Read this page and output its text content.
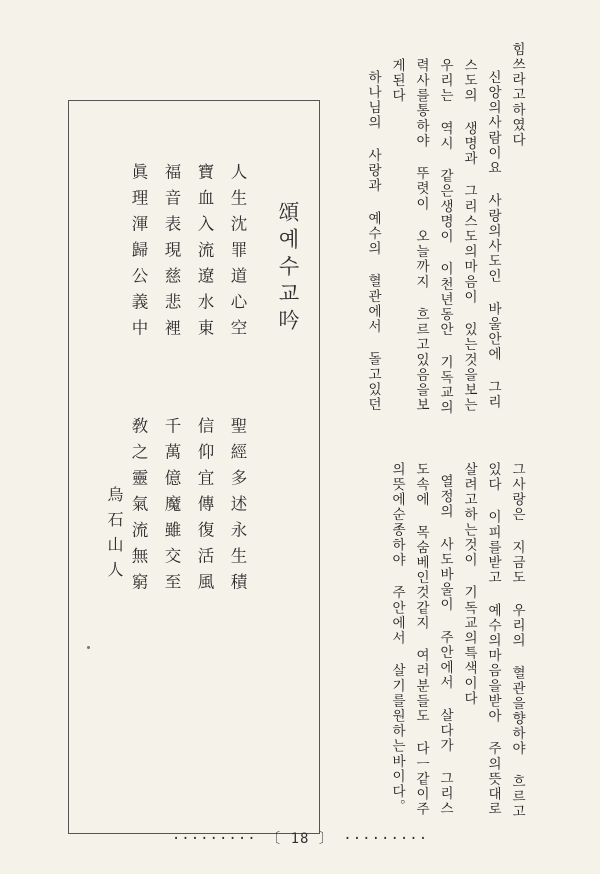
頌예수교吟
人生沈罪道心空
寶血入流遼水東
福音表現慈悲裡
眞理渾歸公義中
聖經多述永生積
信仰宜傳復活風
千萬億魔雖交至
敎之靈氣流無窮
烏石山人
힘쓰라고하였다
신앙의사람이요 사랑의사도인 바울안에 그리
스도의 생명과 그리스도의마음이 있는것을보는
우리는 역시 같은생명이 이천년동안 기독교의
력사를통하야 뚜렷이 오늘까지 흐르고있음을보
게된다
하나님의 사랑과 예수의 혈관에서 돌고있던
그사랑은 지금도 우리의 혈관을향하야 흐르고
있다 이피를받고 예수의마음을받아 주의뜻대로
살려고하는것이 기독교의특색이다
열정의 사도바울이 주안에서 살다가 그리스
도속에 목숨베인것같지 여러분들도 다ㅡ같이주
의뜻에순종하야 주안에서 살기를원하는바이다。
········· 〔 18 〕 ·········
